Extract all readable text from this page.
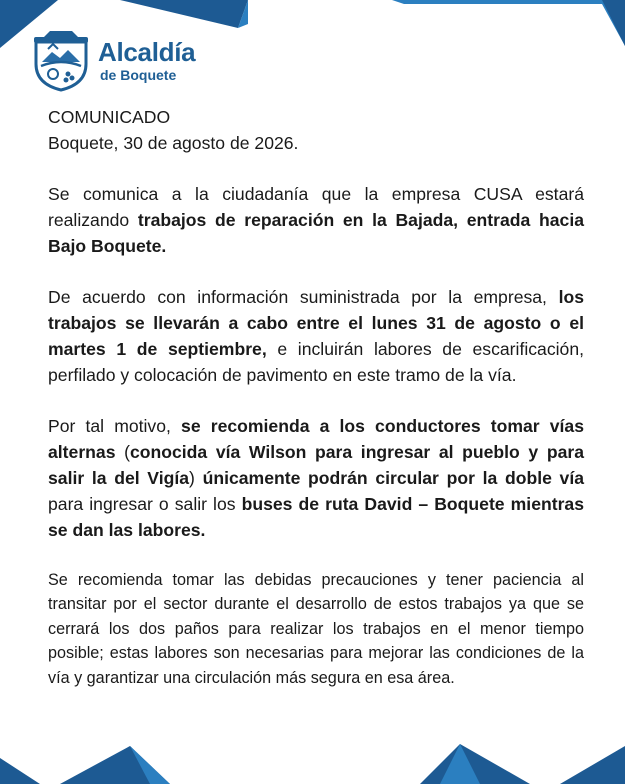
Alcaldía
de Boquete

COMUNICADO

Boquete, 30 de agosto de 2026.

Se comunica a la ciudadanía que la empresa CUSA estará realizando trabajos de reparación en la Bajada, entrada hacia Bajo Boquete.

De acuerdo con información suministrada por la empresa, los trabajos se llevarán a cabo entre el lunes 31 de agosto o el martes 1 de septiembre, e incluirán labores de escarificación, perfilado y colocación de pavimento en este tramo de la vía.

Por tal motivo, se recomienda a los conductores tomar vías alternas (conocida vía Wilson para ingresar al pueblo y para salir la del Vigía) únicamente podrán circular por la doble vía para ingresar o salir los buses de ruta David – Boquete mientras se dan las labores.

Se recomienda tomar las debidas precauciones y tener paciencia al transitar por el sector durante el desarrollo de estos trabajos ya que se cerrará los dos paños para realizar los trabajos en el menor tiempo posible; estas labores son necesarias para mejorar las condiciones de la vía y garantizar una circulación más segura en esa área.
